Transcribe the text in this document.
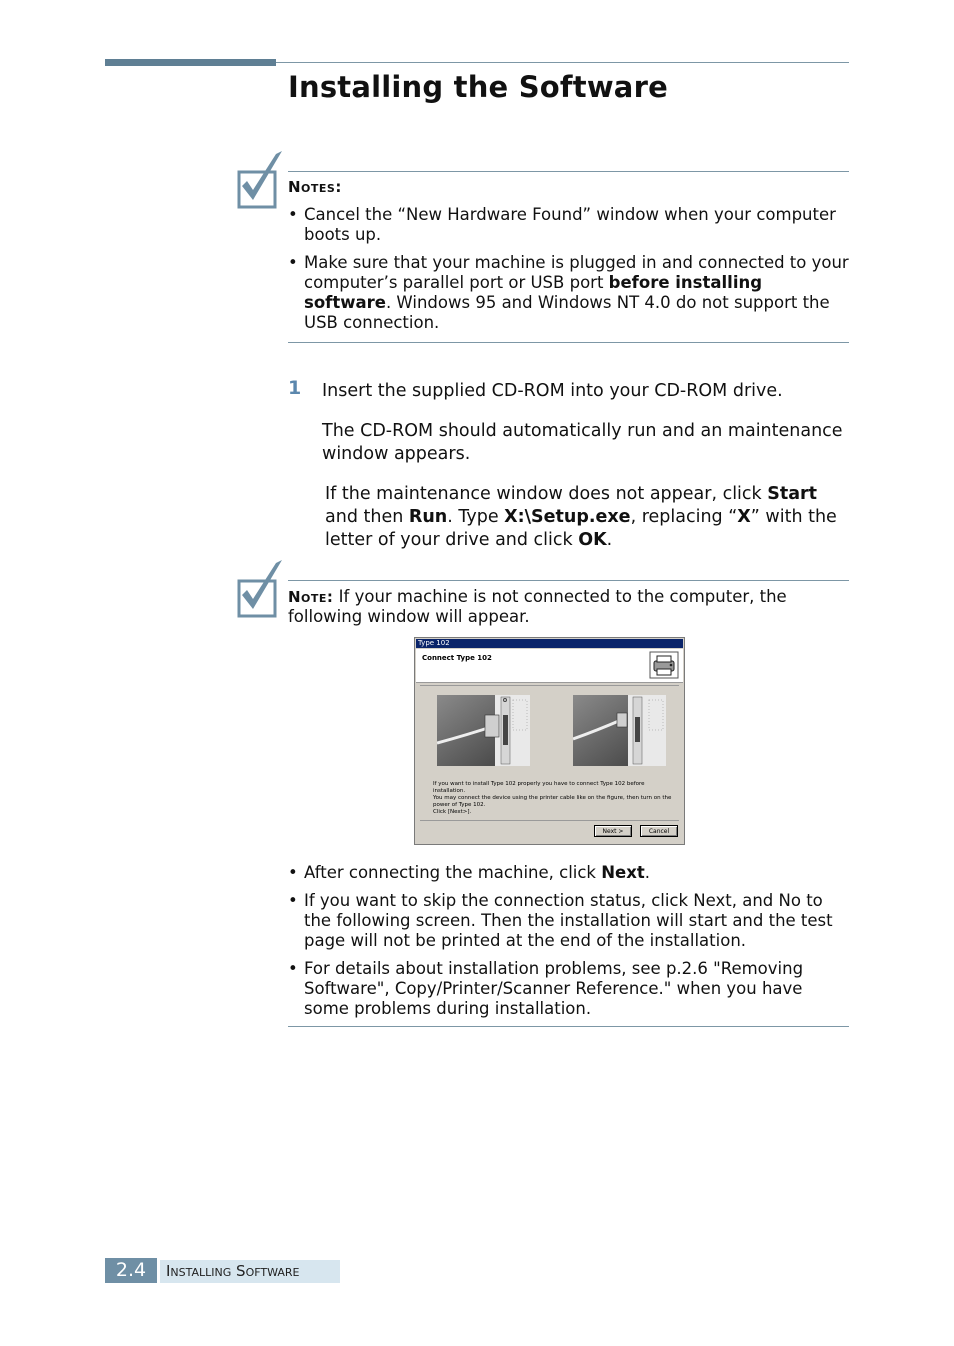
Installing the Software
Notes:
• Cancel the “New Hardware Found” window when your computer boots up.
• Make sure that your machine is plugged in and connected to your computer’s parallel port or USB port before installing software. Windows 95 and Windows NT 4.0 do not support the USB connection.
1 Insert the supplied CD-ROM into your CD-ROM drive.
The CD-ROM should automatically run and an maintenance window appears.
If the maintenance window does not appear, click Start and then Run. Type X:\Setup.exe, replacing “X” with the letter of your drive and click OK.
Note: If your machine is not connected to the computer, the following window will appear.
Type 102
Connect Type 102
If you want to install Type 102 properly you have to connect Type 102 before installation.
You may connect the device using the printer cable like on the figure, then turn on the
power of Type 102.
Click [Next>].
Next >	Cancel
• After connecting the machine, click Next.
• If you want to skip the connection status, click Next, and No to the following screen. Then the installation will start and the test page will not be printed at the end of the installation.
• For details about installation problems, see p.2.6 "Removing Software", Copy/Printer/Scanner Reference." when you have some problems during installation.
2.4	Installing Software
